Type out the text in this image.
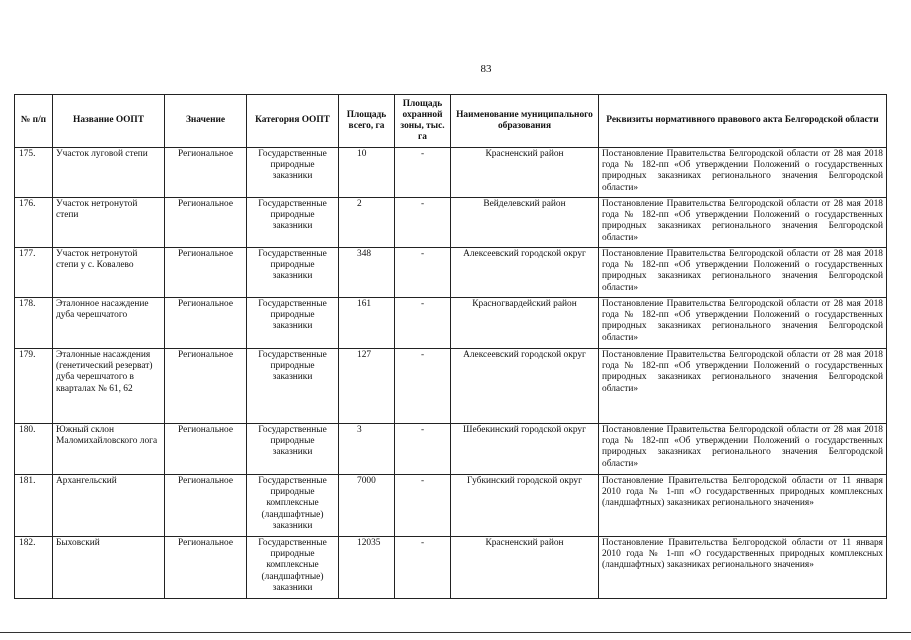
83
№ п/п	Название ООПТ	Значение	Категория ООПТ	Площадь всего, га	Площадь охранной зоны, тыс. га	Наименование муниципального образования	Реквизиты нормативного правового акта Белгородской области
175.	Участок луговой степи	Региональное	Государственные природные заказники	10	-	Красненский район	Постановление Правительства Белгородской области от 28 мая 2018 года № 182-пп «Об утверждении Положений о государственных природных заказниках регионального значения Белгородской области»
176.	Участок нетронутой степи	Региональное	Государственные природные заказники	2	-	Вейделевский район	Постановление Правительства Белгородской области от 28 мая 2018 года № 182-пп «Об утверждении Положений о государственных природных заказниках регионального значения Белгородской области»
177.	Участок нетронутой степи у с. Ковалево	Региональное	Государственные природные заказники	348	-	Алексеевский городской округ	Постановление Правительства Белгородской области от 28 мая 2018 года № 182-пп «Об утверждении Положений о государственных природных заказниках регионального значения Белгородской области»
178.	Эталонное насаждение дуба черешчатого	Региональное	Государственные природные заказники	161	-	Красногвардейский район	Постановление Правительства Белгородской области от 28 мая 2018 года № 182-пп «Об утверждении Положений о государственных природных заказниках регионального значения Белгородской области»
179.	Эталонные насаждения (генетический резерват) дуба черешчатого в кварталах № 61, 62	Региональное	Государственные природные заказники	127	-	Алексеевский городской округ	Постановление Правительства Белгородской области от 28 мая 2018 года № 182-пп «Об утверждении Положений о государственных природных заказниках регионального значения Белгородской области»
180.	Южный склон Маломихайловского лога	Региональное	Государственные природные заказники	3	-	Шебекинский городской округ	Постановление Правительства Белгородской области от 28 мая 2018 года № 182-пп «Об утверждении Положений о государственных природных заказниках регионального значения Белгородской области»
181.	Архангельский	Региональное	Государственные природные комплексные (ландшафтные) заказники	7000	-	Губкинский городской округ	Постановление Правительства Белгородской области от 11 января 2010 года № 1-пп «О государственных природных комплексных (ландшафтных) заказниках регионального значения»
182.	Быховский	Региональное	Государственные природные комплексные (ландшафтные) заказники	12035	-	Красненский район	Постановление Правительства Белгородской области от 11 января 2010 года № 1-пп «О государственных природных комплексных (ландшафтных) заказниках регионального значения»
